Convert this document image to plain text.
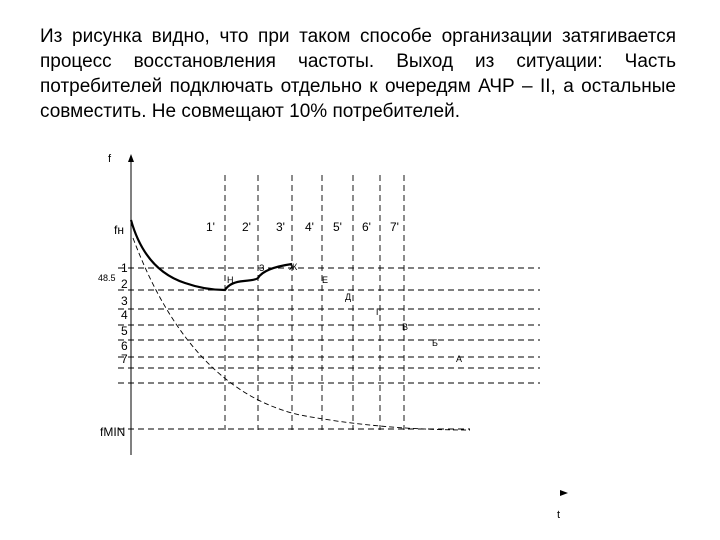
Из рисунка видно, что при таком способе организации затягивается процесс восстановления частоты. Выход из ситуации: Часть потребителей подключать отдельно к очередям АЧР – II, а остальные совместить. Не совмещают 10% потребителей.
f
t
fн
fMIN
48.5
1
2
3
4
5
6
7
1' 2' 3' 4' 5' 6' 7'
Н
З	Ж
Е
Д
Г
В
Б
А
